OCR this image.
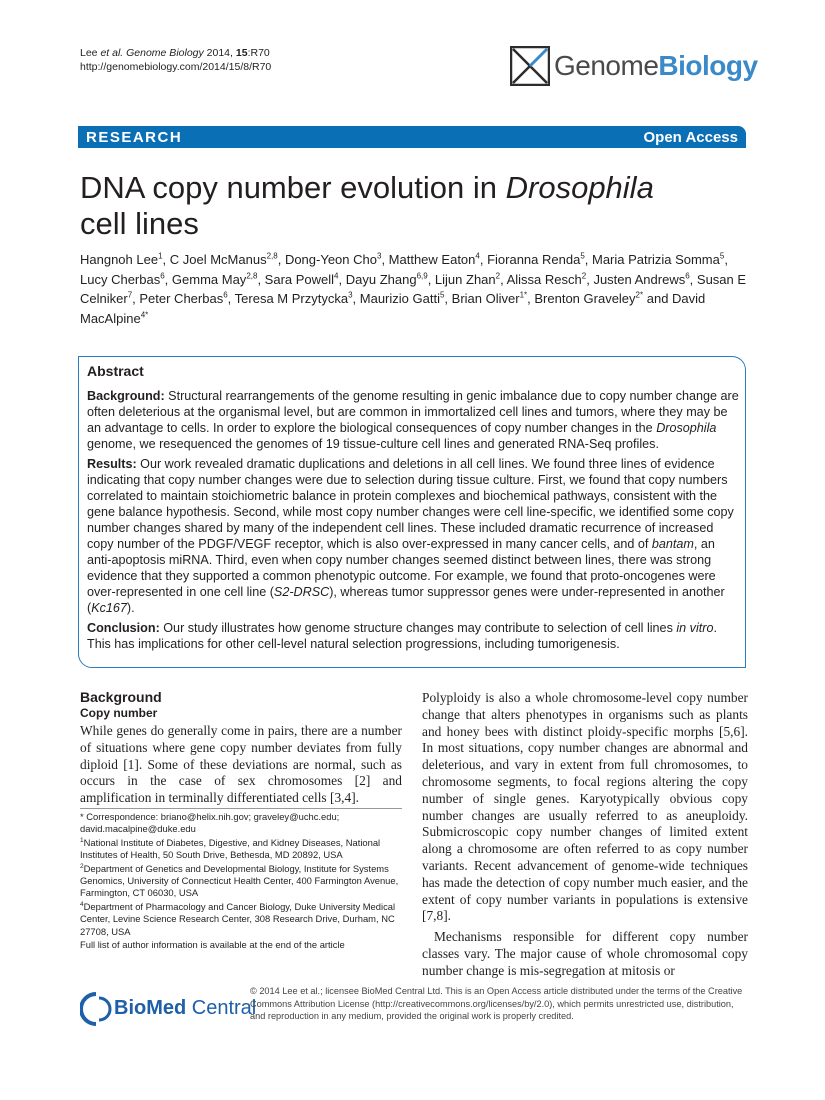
Lee et al. Genome Biology 2014, 15:R70
http://genomebiology.com/2014/15/8/R70	GenomeBiology
RESEARCH	Open Access
DNA copy number evolution in Drosophila
cell lines
Hangnoh Lee$^1$, C Joel McManus$^{2,8}$, Dong-Yeon Cho$^3$, Matthew Eaton$^4$, Fioranna Renda$^5$, Maria Patrizia Somma$^5$, Lucy Cherbas$^6$, Gemma May$^{2,8}$, Sara Powell$^4$, Dayu Zhang$^{6,9}$, Lijun Zhan$^2$, Alissa Resch$^2$, Justen Andrews$^6$, Susan E Celniker$^7$, Peter Cherbas$^6$, Teresa M Przytycka$^3$, Maurizio Gatti$^5$, Brian Oliver$^{1*}$, Brenton Graveley$^{2*}$ and David MacAlpine$^{4*}$
Abstract

Background: Structural rearrangements of the genome resulting in genic imbalance due to copy number change are often deleterious at the organismal level, but are common in immortalized cell lines and tumors, where they may be an advantage to cells. In order to explore the biological consequences of copy number changes in the Drosophila genome, we resequenced the genomes of 19 tissue-culture cell lines and generated RNA-Seq profiles.

Results: Our work revealed dramatic duplications and deletions in all cell lines. We found three lines of evidence indicating that copy number changes were due to selection during tissue culture. First, we found that copy numbers correlated to maintain stoichiometric balance in protein complexes and biochemical pathways, consistent with the gene balance hypothesis. Second, while most copy number changes were cell line-specific, we identified some copy number changes shared by many of the independent cell lines. These included dramatic recurrence of increased copy number of the PDGF/VEGF receptor, which is also over-expressed in many cancer cells, and of bantam, an anti-apoptosis miRNA. Third, even when copy number changes seemed distinct between lines, there was strong evidence that they supported a common phenotypic outcome. For example, we found that proto-oncogenes were over-represented in one cell line (S2-DRSC), whereas tumor suppressor genes were under-represented in another (Kc167).

Conclusion: Our study illustrates how genome structure changes may contribute to selection of cell lines in vitro. This has implications for other cell-level natural selection progressions, including tumorigenesis.

Background
Copy number

While genes do generally come in pairs, there are a number of situations where gene copy number deviates from fully diploid [1]. Some of these deviations are normal, such as occurs in the case of sex chromosomes [2] and amplification in terminally differentiated cells [3,4].

* Correspondence: briano@helix.nih.gov; graveley@uchc.edu; david.macalpine@duke.edu

$^1$National Institute of Diabetes, Digestive, and Kidney Diseases, National Institutes of Health, 50 South Drive, Bethesda, MD 20892, USA

$^2$Department of Genetics and Developmental Biology, Institute for Systems Genomics, University of Connecticut Health Center, 400 Farmington Avenue, Farmington, CT 06030, USA

$^4$Department of Pharmacology and Cancer Biology, Duke University Medical Center, Levine Science Research Center, 308 Research Drive, Durham, NC 27708, USA

Full list of author information is available at the end of the article

Polyploidy is also a whole chromosome-level copy number change that alters phenotypes in organisms such as plants and honey bees with distinct ploidy-specific morphs [5,6]. In most situations, copy number changes are abnormal and deleterious, and vary in extent from full chromosomes, to chromosome segments, to focal regions altering the copy number of single genes. Karyotypically obvious copy number changes are usually referred to as aneuploidy. Submicroscopic copy number changes of limited extent along a chromosome are often referred to as copy number variants. Recent advancement of genome-wide techniques has made the detection of copy number much easier, and the extent of copy number variants in populations is extensive [7,8].

Mechanisms responsible for different copy number classes vary. The major cause of whole chromosomal copy number change is mis-segregation at mitosis or

BioMed Central
© 2014 Lee et al.; licensee BioMed Central Ltd. This is an Open Access article distributed under the terms of the Creative Commons Attribution License (http://creativecommons.org/licenses/by/2.0), which permits unrestricted use, distribution, and reproduction in any medium, provided the original work is properly credited.
